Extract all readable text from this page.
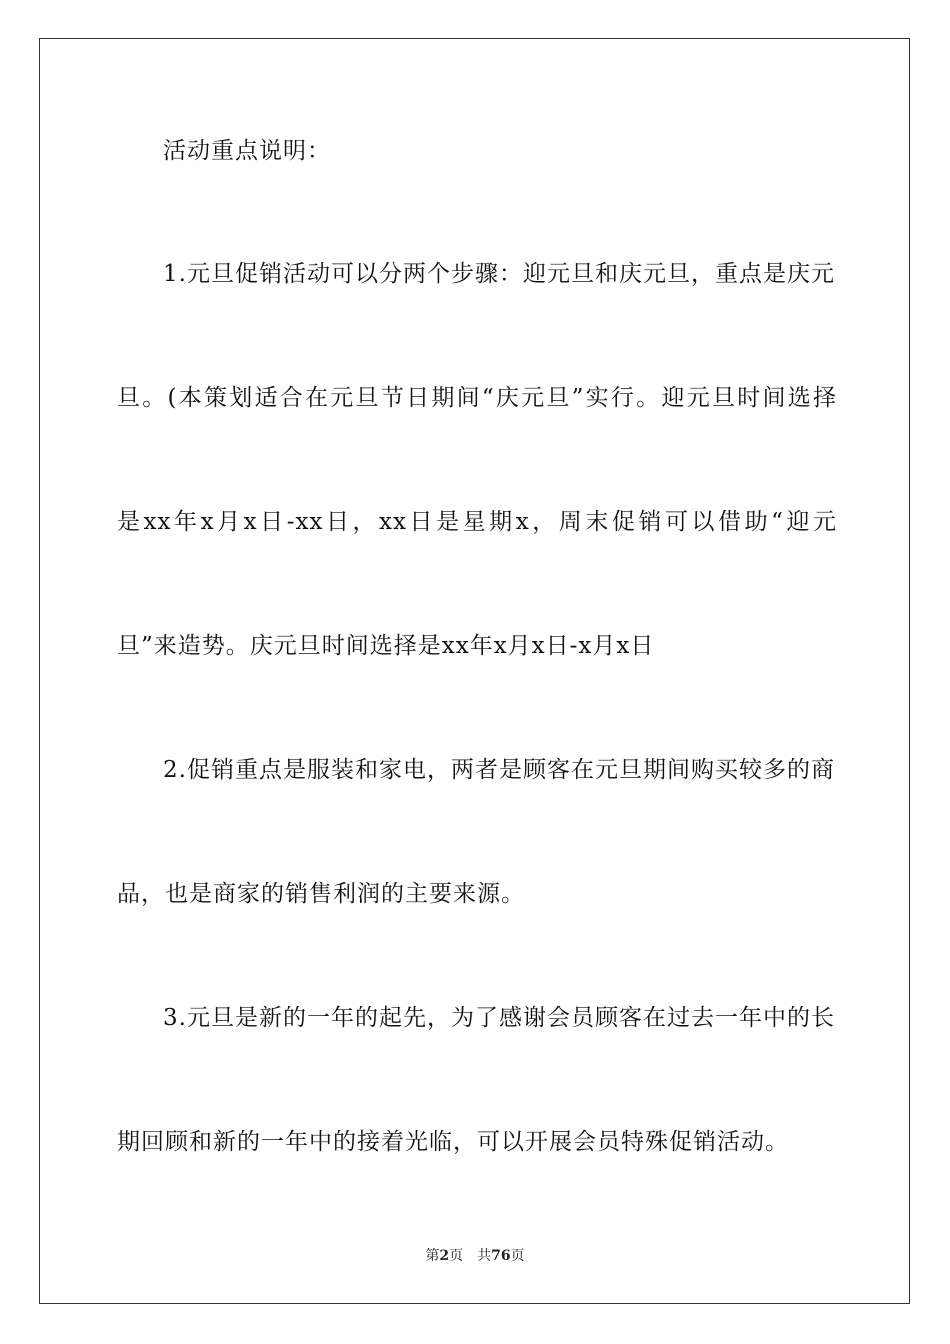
活动重点说明：
1.元旦促销活动可以分两个步骤：迎元旦和庆元旦，重点是庆元
旦。(本策划适合在元旦节日期间“庆元旦”实行。迎元旦时间选择
是xx年x月x日-xx日，xx日是星期x，周末促销可以借助“迎元
旦”来造势。庆元旦时间选择是xx年x月x日-x月x日
2.促销重点是服装和家电，两者是顾客在元旦期间购买较多的商
品，也是商家的销售利润的主要来源。
3.元旦是新的一年的起先，为了感谢会员顾客在过去一年中的长
期回顾和新的一年中的接着光临，可以开展会员特殊促销活动。
第2页 共76页
